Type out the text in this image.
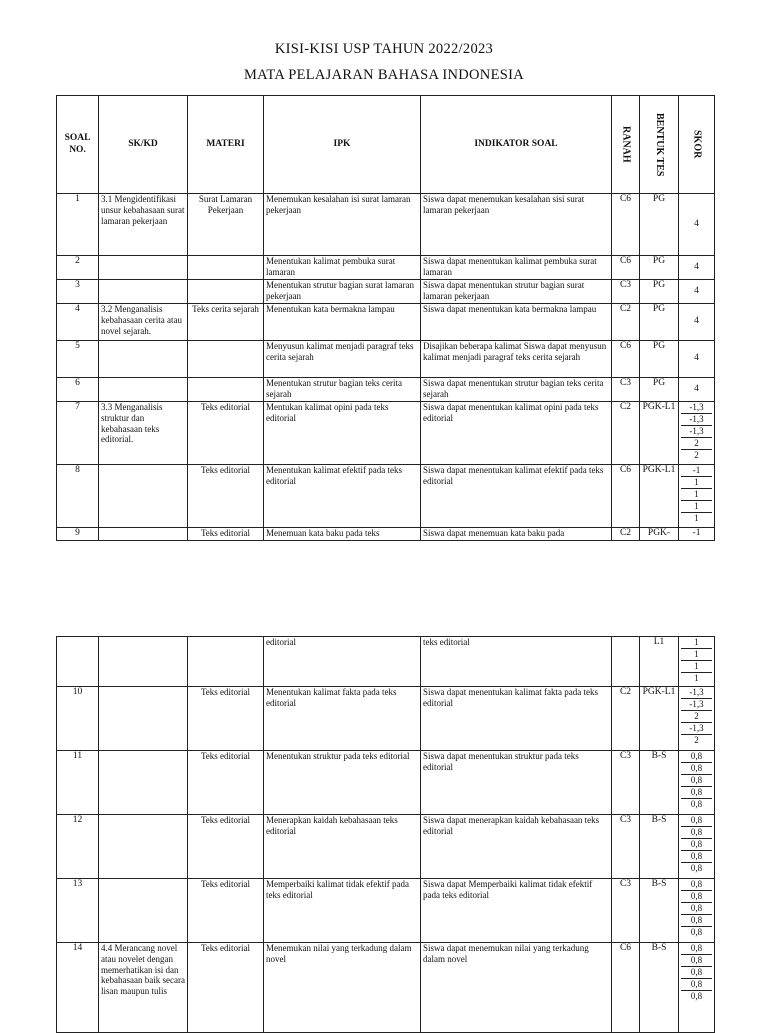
KISI-KISI USP TAHUN 2022/2023
MATA PELAJARAN BAHASA INDONESIA
SOAL NO.	SK/KD	MATERI	IPK	INDIKATOR SOAL	RANAH	BENTUK TES	SKOR

1	3.1 Mengidentifikasi unsur kebahasaan surat lamaran pekerjaan	Surat Lamaran Pekerjaan	Menemukan kesalahan isi surat lamaran pekerjaan	Siswa dapat menemukan kesalahan sisi surat lamaran pekerjaan	C6	PG	4
2			Menentukan kalimat pembuka surat lamaran	Siswa dapat menentukan kalimat pembuka surat lamaran	C6	PG	4
3			Menentukan strutur bagian surat lamaran pekerjaan	Siswa dapat menentukan strutur bagian surat lamaran pekerjaan	C3	PG	4
4	3.2 Menganalisis kebahasaan cerita atau novel sejarah.	Teks cerita sejarah	Menentukan kata bermakna lampau	Siswa dapat menentukan kata bermakna lampau	C2	PG	4
5			Menyusun kalimat menjadi paragraf teks cerita sejarah	Disajikan beberapa kalimat Siswa dapat menyusun kalimat menjadi paragraf teks cerita sejarah	C6	PG	4
6			Menentukan strutur bagian teks cerita sejarah	Siswa dapat menentukan strutur bagian teks cerita sejarah	C3	PG	4
7	3.3 Menganalisis struktur dan kebahasaan teks editorial.	Teks editorial	Mentukan kalimat opini pada teks editorial	Siswa dapat menentukan kalimat opini pada teks editorial	C2	PGK-L1	-1,3
-1,3
-1,3
2
2

8		Teks editorial	Menentukan kalimat efektif pada teks editorial	Siswa dapat menentukan kalimat efektif pada teks editorial	C6	PGK-L1	-1
1
1
1
1

9		Teks editorial	Menemuan kata baku pada teks	Siswa dapat menemuan kata baku pada	C2	PGK-	-1
			editorial	teks editorial		L1	1
1
1
1

10		Teks editorial	Menentukan kalimat fakta pada teks editorial	Siswa dapat menentukan kalimat fakta pada teks editorial	C2	PGK-L1	-1,3
-1,3
2
-1,3
2

11		Teks editorial	Menentukan struktur pada teks editorial	Siswa dapat menentukan struktur pada teks editorial	C3	B-S	0,8
0,8
0,8
0,8
0,8

12		Teks editorial	Menerapkan kaidah kebahasaan teks editorial	Siswa dapat menerapkan kaidah kebahasaan teks editorial	C3	B-S	0,8
0,8
0,8
0,8
0,8

13		Teks editorial	Memperbaiki kalimat tidak efektif pada teks editorial	Siswa dapat Memperbaiki kalimat tidak efektif pada teks editorial	C3	B-S	0,8
0,8
0,8
0,8
0,8

14	4.4 Merancang novel atau novelet dengan memerhatikan isi dan kebahasaan baik secara lisan maupun tulis	Teks editorial	Menemukan nilai yang terkadung dalam novel	Siswa dapat menemukan nilai yang terkadung dalam novel	C6	B-S	0,8
0,8
0,8
0,8
0,8
